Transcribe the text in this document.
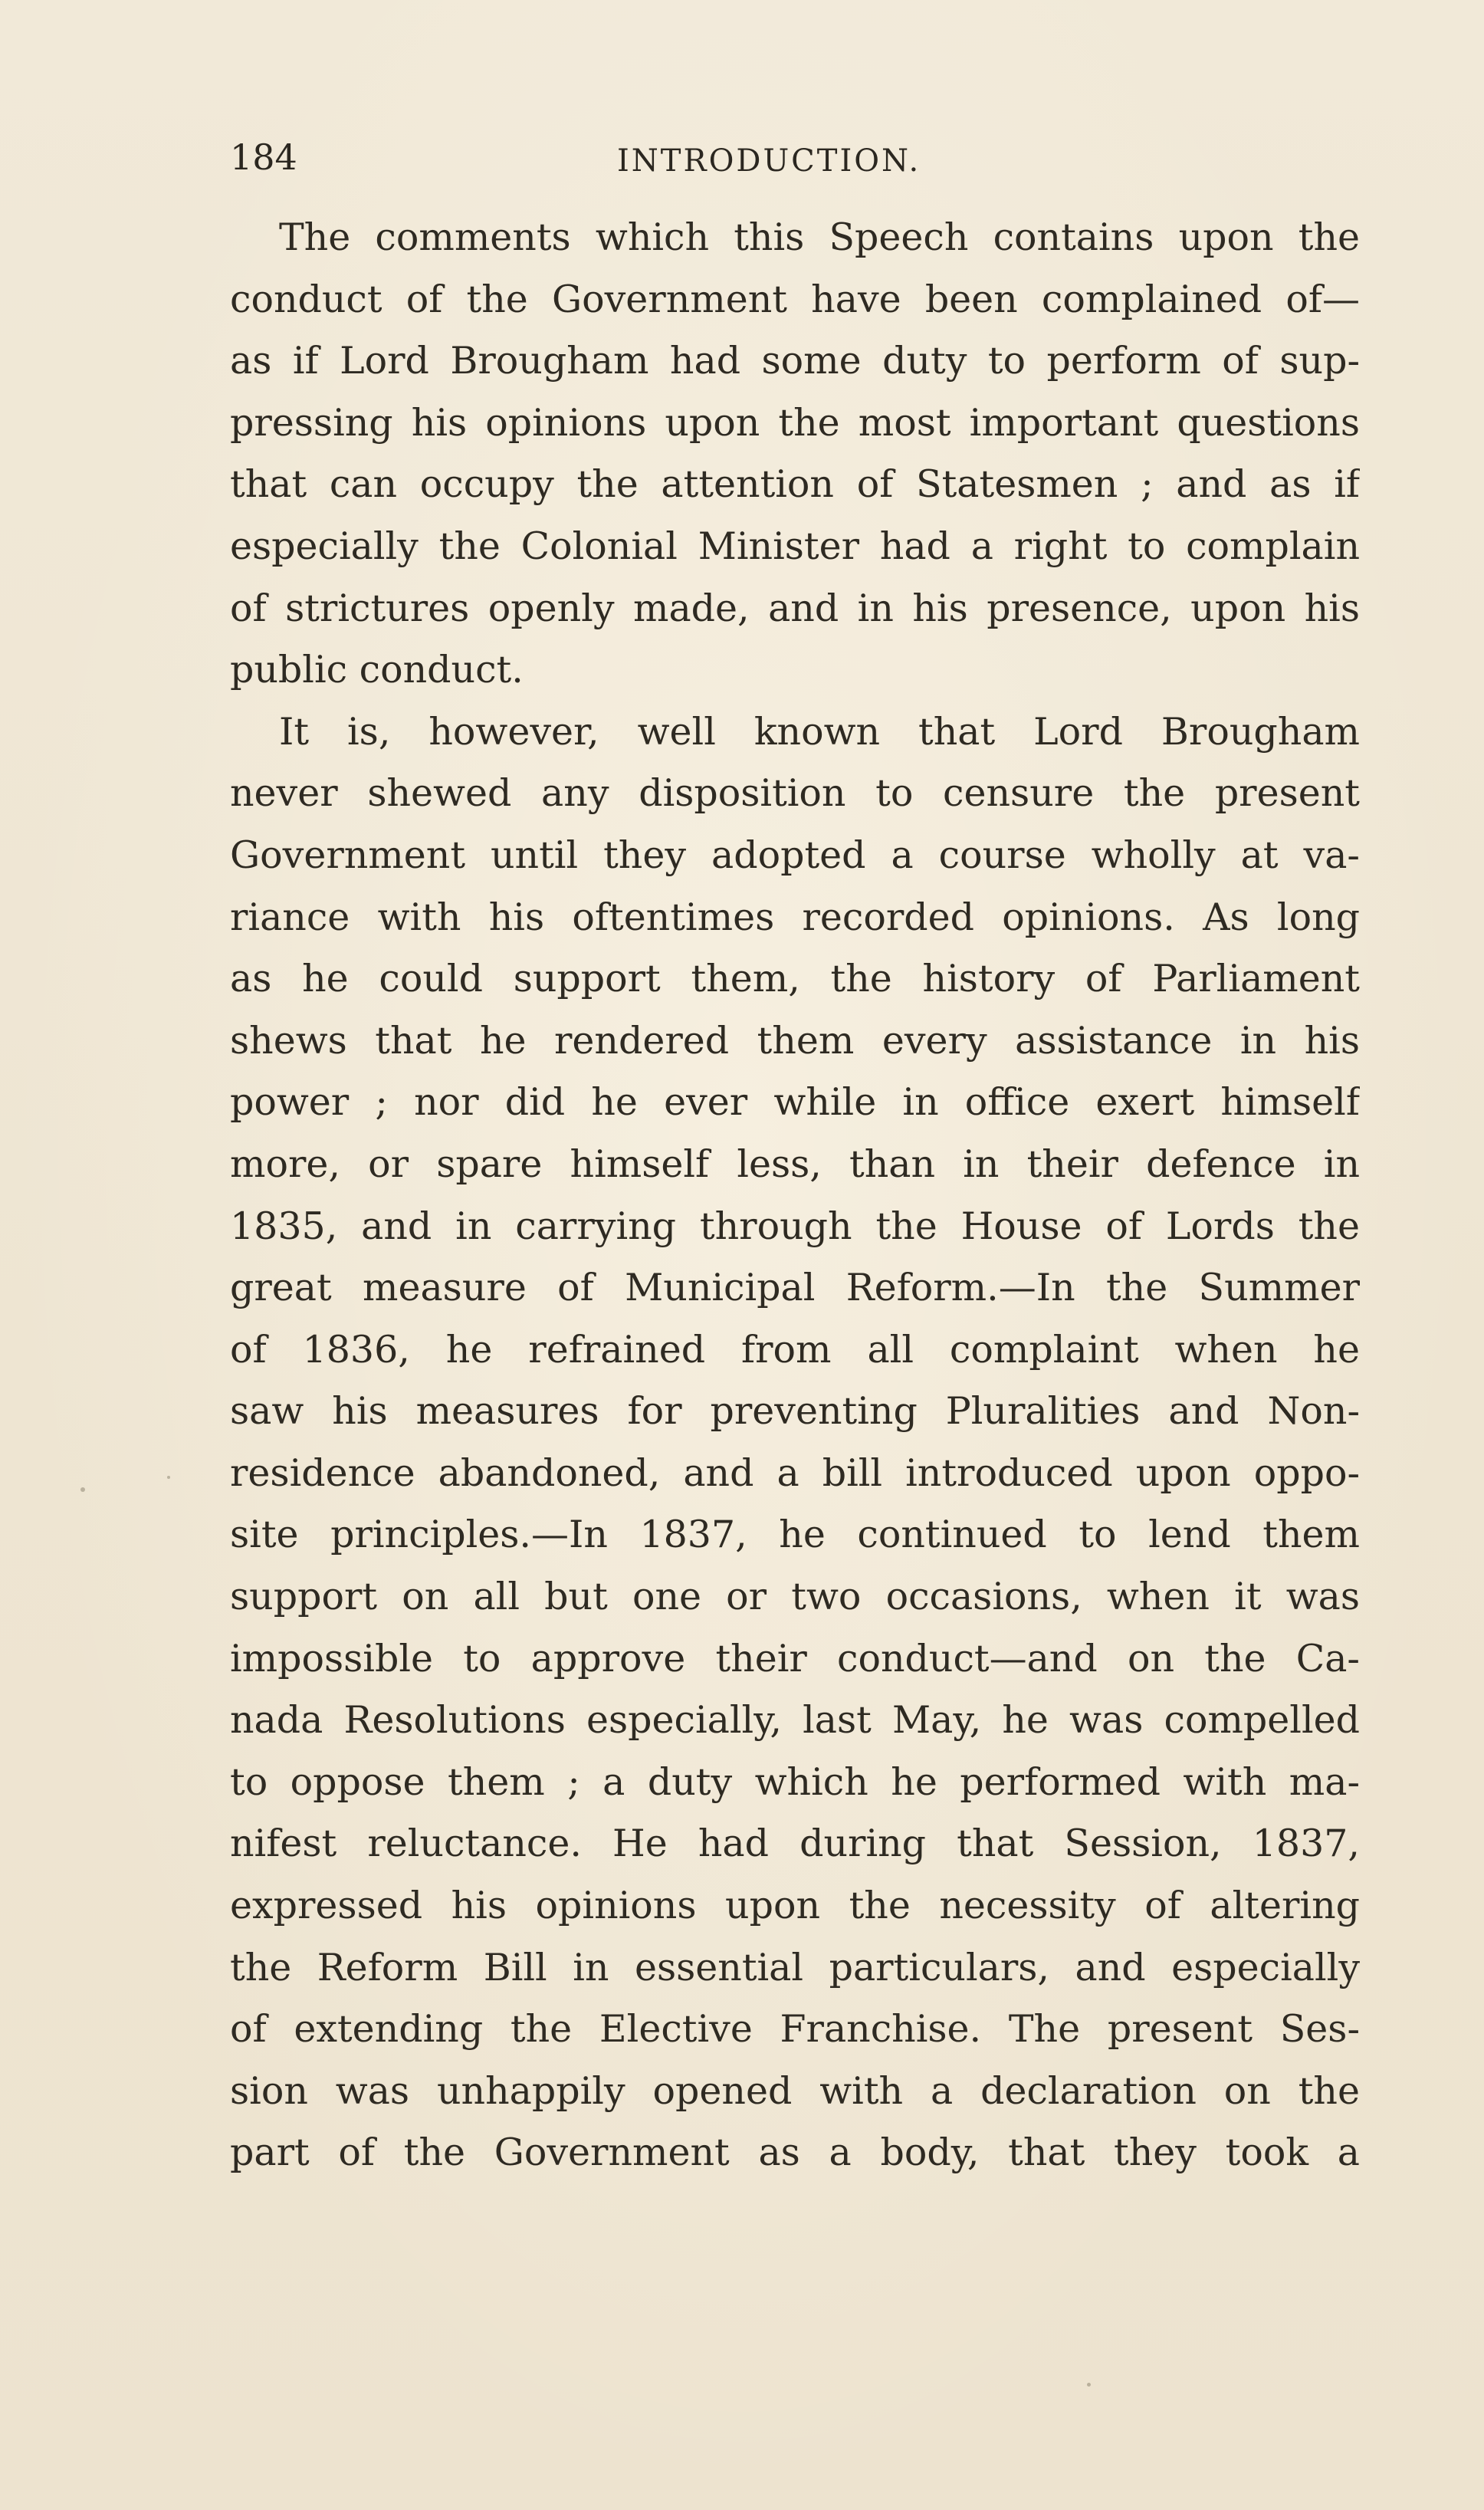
184	INTRODUCTION.
The comments which this Speech contains upon the
conduct of the Government have been complained of—
as if Lord Brougham had some duty to perform of sup-
pressing his opinions upon the most important questions
that can occupy the attention of Statesmen ; and as if
especially the Colonial Minister had a right to complain
of strictures openly made, and in his presence, upon his
public conduct.
It is, however, well known that Lord Brougham
never shewed any disposition to censure the present
Government until they adopted a course wholly at va-
riance with his oftentimes recorded opinions. As long
as he could support them, the history of Parliament
shews that he rendered them every assistance in his
power ; nor did he ever while in office exert himself
more, or spare himself less, than in their defence in
1835, and in carrying through the House of Lords the
great measure of Municipal Reform.—In the Summer
of 1836, he refrained from all complaint when he
saw his measures for preventing Pluralities and Non-
residence abandoned, and a bill introduced upon oppo-
site principles.—In 1837, he continued to lend them
support on all but one or two occasions, when it was
impossible to approve their conduct—and on the Ca-
nada Resolutions especially, last May, he was compelled
to oppose them ; a duty which he performed with ma-
nifest reluctance. He had during that Session, 1837,
expressed his opinions upon the necessity of altering
the Reform Bill in essential particulars, and especially
of extending the Elective Franchise. The present Ses-
sion was unhappily opened with a declaration on the
part of the Government as a body, that they took a
